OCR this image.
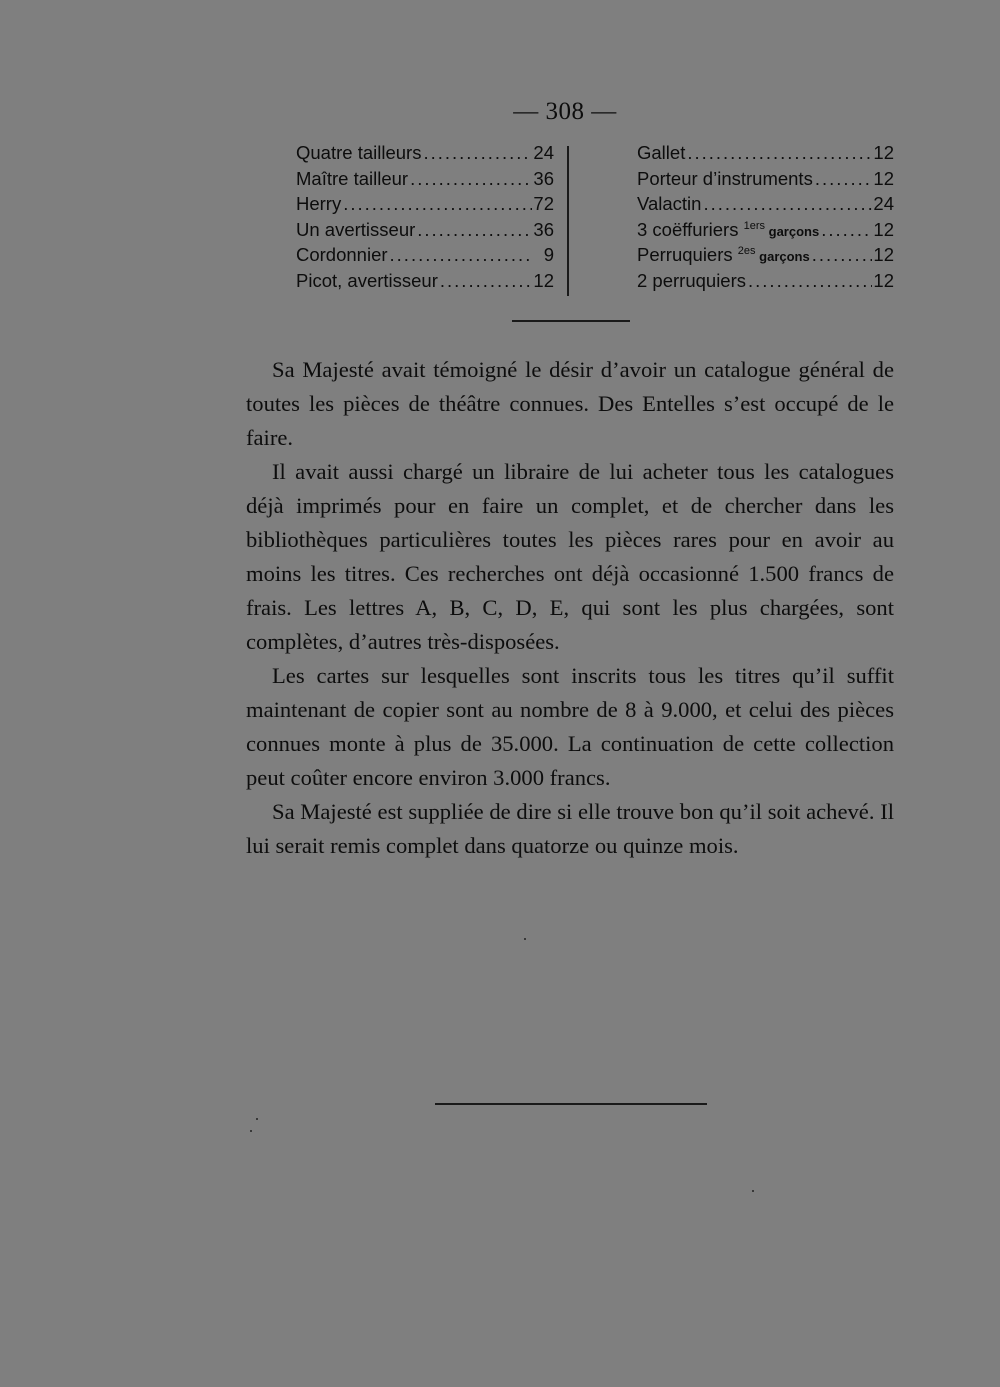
— 308 —
Quatre tailleurs .....	24
Maître tailleur .....	36
Herry .....	72
Un avertisseur .....	36
Cordonnier .....	9
Picot, avertisseur .....	12
Gallet .....	12
Porteur d’instruments .....	12
Valactin .....	24
3 coëffuriers $^{1ers}$ garçons .....	12
Perruquiers $^{2es}$ garçons .....	12
2 perruquiers .....	12

Sa Majesté avait témoigné le désir d’avoir un catalogue général de toutes les pièces de théâtre connues. Des Entelles s’est occupé de le faire.

Il avait aussi chargé un libraire de lui acheter tous les catalogues déjà imprimés pour en faire un complet, et de chercher dans les bibliothèques particulières toutes les pièces rares pour en avoir au moins les titres. Ces recherches ont déjà occasionné 1.500 francs de frais. Les lettres A, B, C, D, E, qui sont les plus chargées, sont complètes, d’autres très-disposées.

Les cartes sur lesquelles sont inscrits tous les titres qu’il suffit maintenant de copier sont au nombre de 8 à 9.000, et celui des pièces connues monte à plus de 35.000. La continuation de cette collection peut coûter encore environ 3.000 francs.

Sa Majesté est suppliée de dire si elle trouve bon qu’il soit achevé. Il lui serait remis complet dans quatorze ou quinze mois.
